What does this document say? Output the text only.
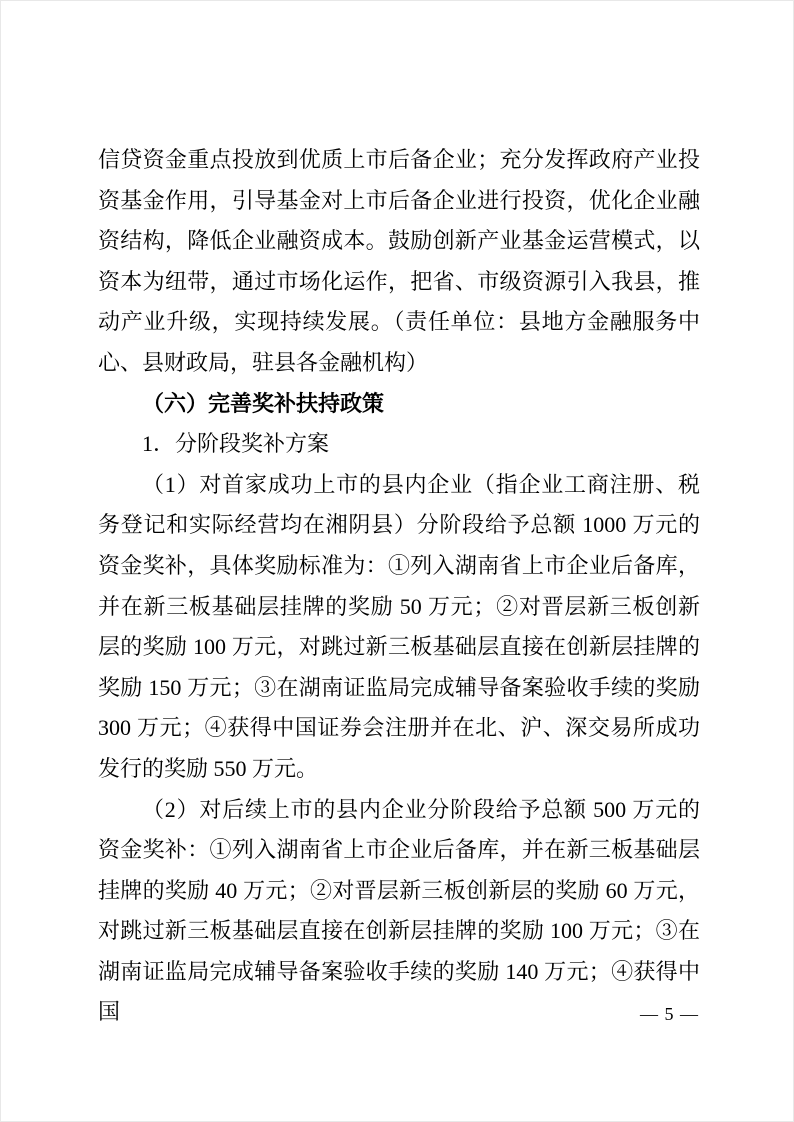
信贷资金重点投放到优质上市后备企业；充分发挥政府产业投资基金作用，引导基金对上市后备企业进行投资，优化企业融资结构，降低企业融资成本。鼓励创新产业基金运营模式，以资本为纽带，通过市场化运作，把省、市级资源引入我县，推动产业升级，实现持续发展。（责任单位：县地方金融服务中心、县财政局，驻县各金融机构）

（六）完善奖补扶持政策

1．分阶段奖补方案

（1）对首家成功上市的县内企业（指企业工商注册、税务登记和实际经营均在湘阴县）分阶段给予总额 1000 万元的资金奖补，具体奖励标准为：①列入湖南省上市企业后备库，并在新三板基础层挂牌的奖励 50 万元；②对晋层新三板创新层的奖励 100 万元，对跳过新三板基础层直接在创新层挂牌的奖励 150 万元；③在湖南证监局完成辅导备案验收手续的奖励 300 万元；④获得中国证券会注册并在北、沪、深交易所成功发行的奖励 550 万元。

（2）对后续上市的县内企业分阶段给予总额 500 万元的资金奖补：①列入湖南省上市企业后备库，并在新三板基础层挂牌的奖励 40 万元；②对晋层新三板创新层的奖励 60 万元，对跳过新三板基础层直接在创新层挂牌的奖励 100 万元；③在湖南证监局完成辅导备案验收手续的奖励 140 万元；④获得中国	— 5 —
